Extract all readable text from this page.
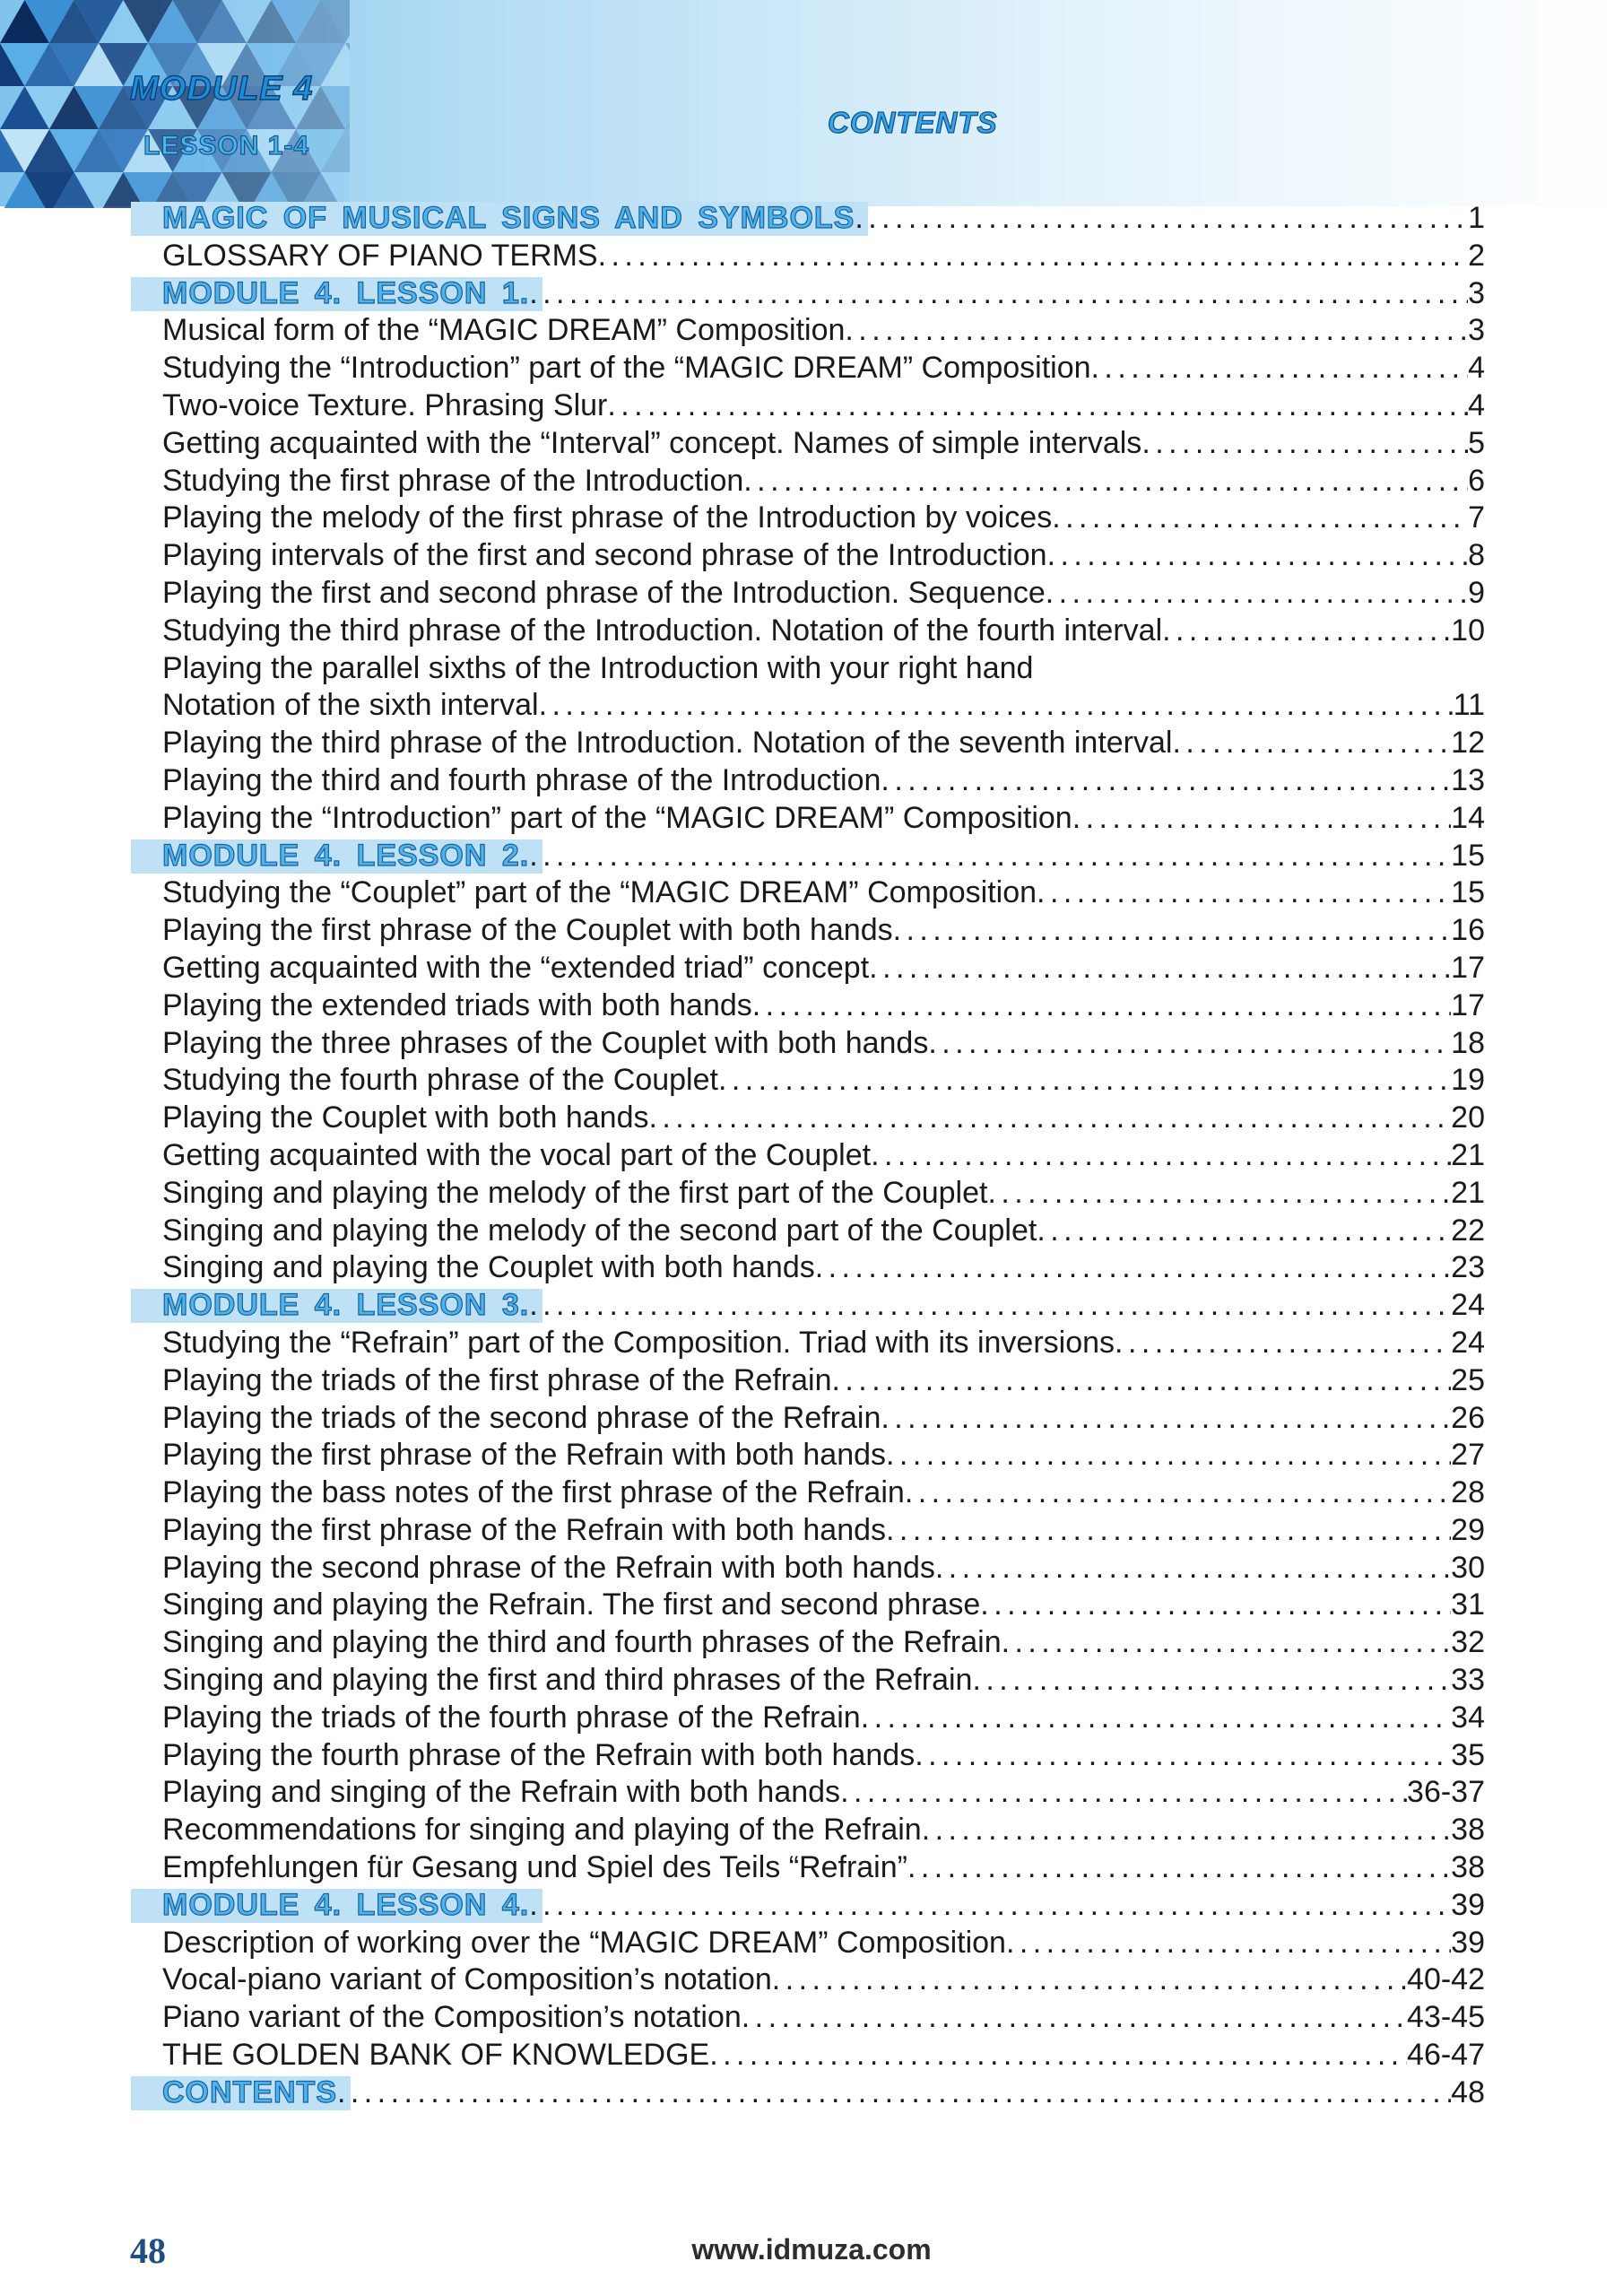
MODULE 4
LESSON 1-4
CONTENTS
MAGIC OF MUSICAL SIGNS AND SYMBOLS . . .	1
GLOSSARY OF PIANO TERMS . . .	2
MODULE 4. LESSON 1. . . .	3
Musical form of the “MAGIC DREAM” Composition . . .	3
Studying the “Introduction” part of the “MAGIC DREAM” Composition . . .	4
Two-voice Texture. Phrasing Slur . . .	4
Getting acquainted with the “Interval” concept. Names of simple intervals . . .	5
Studying the first phrase of the Introduction . . .	6
Playing the melody of the first phrase of the Introduction by voices . . .	7
Playing intervals of the first and second phrase of the Introduction . . .	8
Playing the first and second phrase of the Introduction. Sequence . . .	9
Studying the third phrase of the Introduction. Notation of the fourth interval . . .	10
Playing the parallel sixths of the Introduction with your right hand
Notation of the sixth interval . . .	11
Playing the third phrase of the Introduction. Notation of the seventh interval . . .	12
Playing the third and fourth phrase of the Introduction . . .	13
Playing the “Introduction” part of the “MAGIC DREAM” Composition . . .	14
MODULE 4. LESSON 2. . . .	15
Studying the “Couplet” part of the “MAGIC DREAM” Composition . . .	15
Playing the first phrase of the Couplet with both hands . . .	16
Getting acquainted with the “extended triad” concept . . .	17
Playing the extended triads with both hands . . .	17
Playing the three phrases of the Couplet with both hands . . .	18
Studying the fourth phrase of the Couplet . . .	19
Playing the Couplet with both hands . . .	20
Getting acquainted with the vocal part of the Couplet . . .	21
Singing and playing the melody of the first part of the Couplet . . .	21
Singing and playing the melody of the second part of the Couplet . . .	22
Singing and playing the Couplet with both hands . . .	23
MODULE 4. LESSON 3. . . .	24
Studying the “Refrain” part of the Composition. Triad with its inversions . . .	24
Playing the triads of the first phrase of the Refrain . . .	25
Playing the triads of the second phrase of the Refrain . . .	26
Playing the first phrase of the Refrain with both hands . . .	27
Playing the bass notes of the first phrase of the Refrain . . .	28
Playing the first phrase of the Refrain with both hands . . .	29
Playing the second phrase of the Refrain with both hands . . .	30
Singing and playing the Refrain. The first and second phrase . . .	31
Singing and playing the third and fourth phrases of the Refrain . . .	32
Singing and playing the first and third phrases of the Refrain . . .	33
Playing the triads of the fourth phrase of the Refrain . . .	34
Playing the fourth phrase of the Refrain with both hands . . .	35
Playing and singing of the Refrain with both hands . . .	36-37
Recommendations for singing and playing of the Refrain . . .	38
Empfehlungen für Gesang und Spiel des Teils “Refrain” . . .	38
MODULE 4. LESSON 4. . . .	39
Description of working over the “MAGIC DREAM” Composition . . .	39
Vocal-piano variant of Composition’s notation . . .	40-42
Piano variant of the Composition’s notation . . .	43-45
THE GOLDEN BANK OF KNOWLEDGE . . .	46-47
CONTENTS . . .	48
48	www.idmuza.com
